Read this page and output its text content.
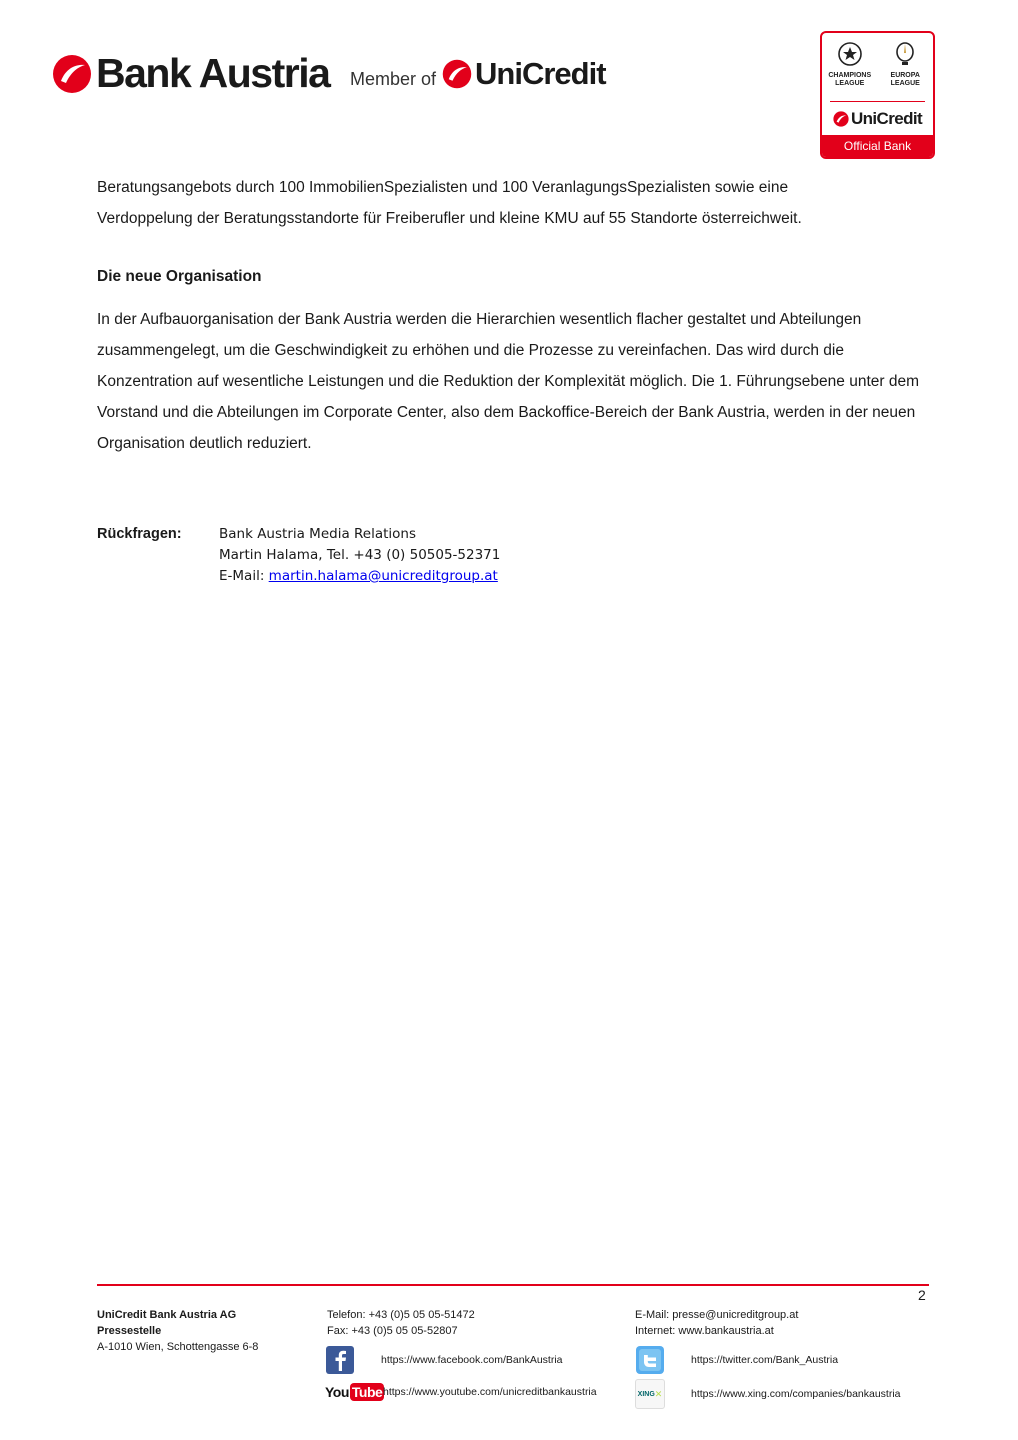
Bank Austria Member of UniCredit	CHAMPIONS LEAGUE
EUROPA LEAGUE
UniCredit
Official Bank
Beratungsangebots durch 100 ImmobilienSpezialisten und 100 VeranlagungsSpezialisten sowie eine
Verdoppelung der Beratungsstandorte für Freiberufler und kleine KMU auf 55 Standorte österreichweit.
Die neue Organisation
In der Aufbauorganisation der Bank Austria werden die Hierarchien wesentlich flacher gestaltet und Abteilungen zusammengelegt, um die Geschwindigkeit zu erhöhen und die Prozesse zu vereinfachen. Das wird durch die Konzentration auf wesentliche Leistungen und die Reduktion der Komplexität möglich. Die 1. Führungsebene unter dem Vorstand und die Abteilungen im Corporate Center, also dem Backoffice-Bereich der Bank Austria, werden in der neuen Organisation deutlich reduziert.
Rückfragen:	Bank Austria Media Relations
Martin Halama, Tel. +43 (0) 50505-52371
E-Mail: martin.halama@unicreditgroup.at
2
UniCredit Bank Austria AG
Pressestelle
A-1010 Wien, Schottengasse 6-8
Telefon: +43 (0)5 05 05-51472
Fax: +43 (0)5 05 05-52807
E-Mail: presse@unicreditgroup.at
Internet: www.bankaustria.at
https://www.facebook.com/BankAustria
You Tube https://www.youtube.com/unicreditbankaustria
https://twitter.com/Bank_Austria
XING ✕	https://www.xing.com/companies/bankaustria
